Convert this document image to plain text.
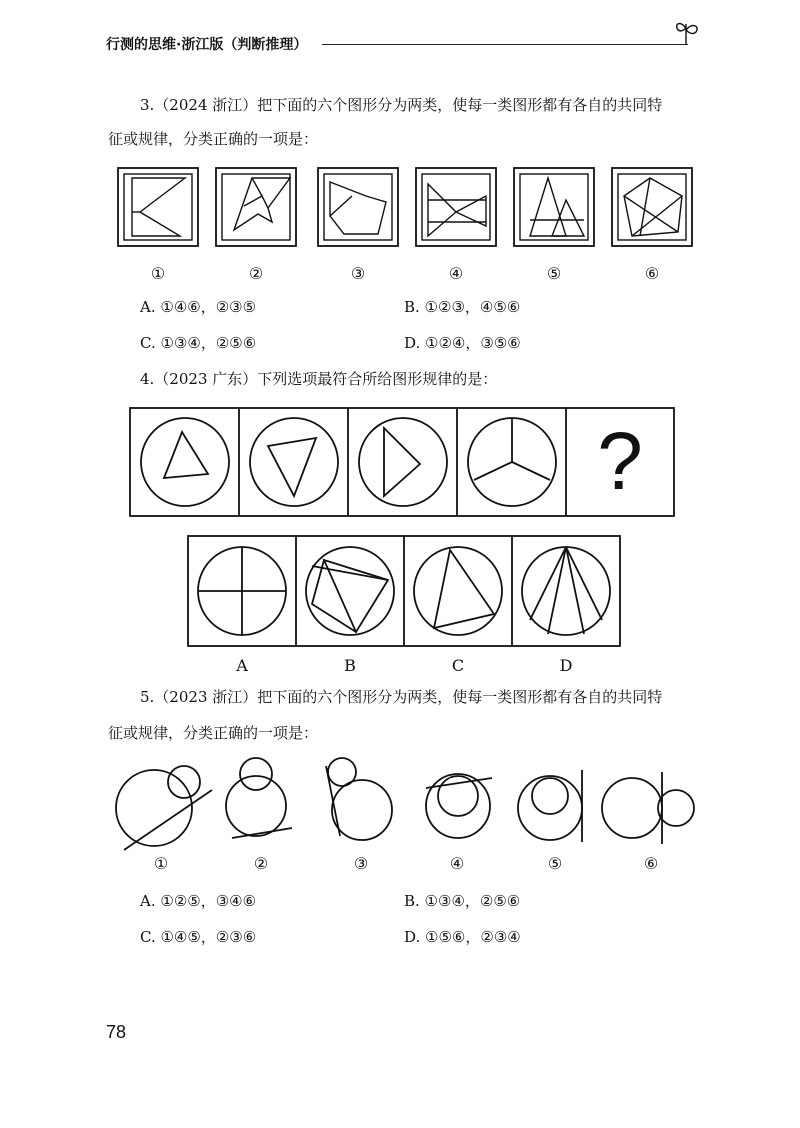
行测的思维·浙江版（判断推理）
3.（2024 浙江）把下面的六个图形分为两类，使每一类图形都有各自的共同特
征或规律，分类正确的一项是：
①	②	③	④	⑤	⑥
A. ①④⑥，②③⑤	B. ①②③，④⑤⑥
C. ①③④，②⑤⑥	D. ①②④，③⑤⑥
4.（2023 广东）下列选项最符合所给图形规律的是：
?
A	B	C	D
5.（2023 浙江）把下面的六个图形分为两类，使每一类图形都有各自的共同特
征或规律，分类正确的一项是：
①	②	③	④	⑤	⑥
A. ①②⑤，③④⑥	B. ①③④，②⑤⑥
C. ①④⑤，②③⑥	D. ①⑤⑥，②③④
78
